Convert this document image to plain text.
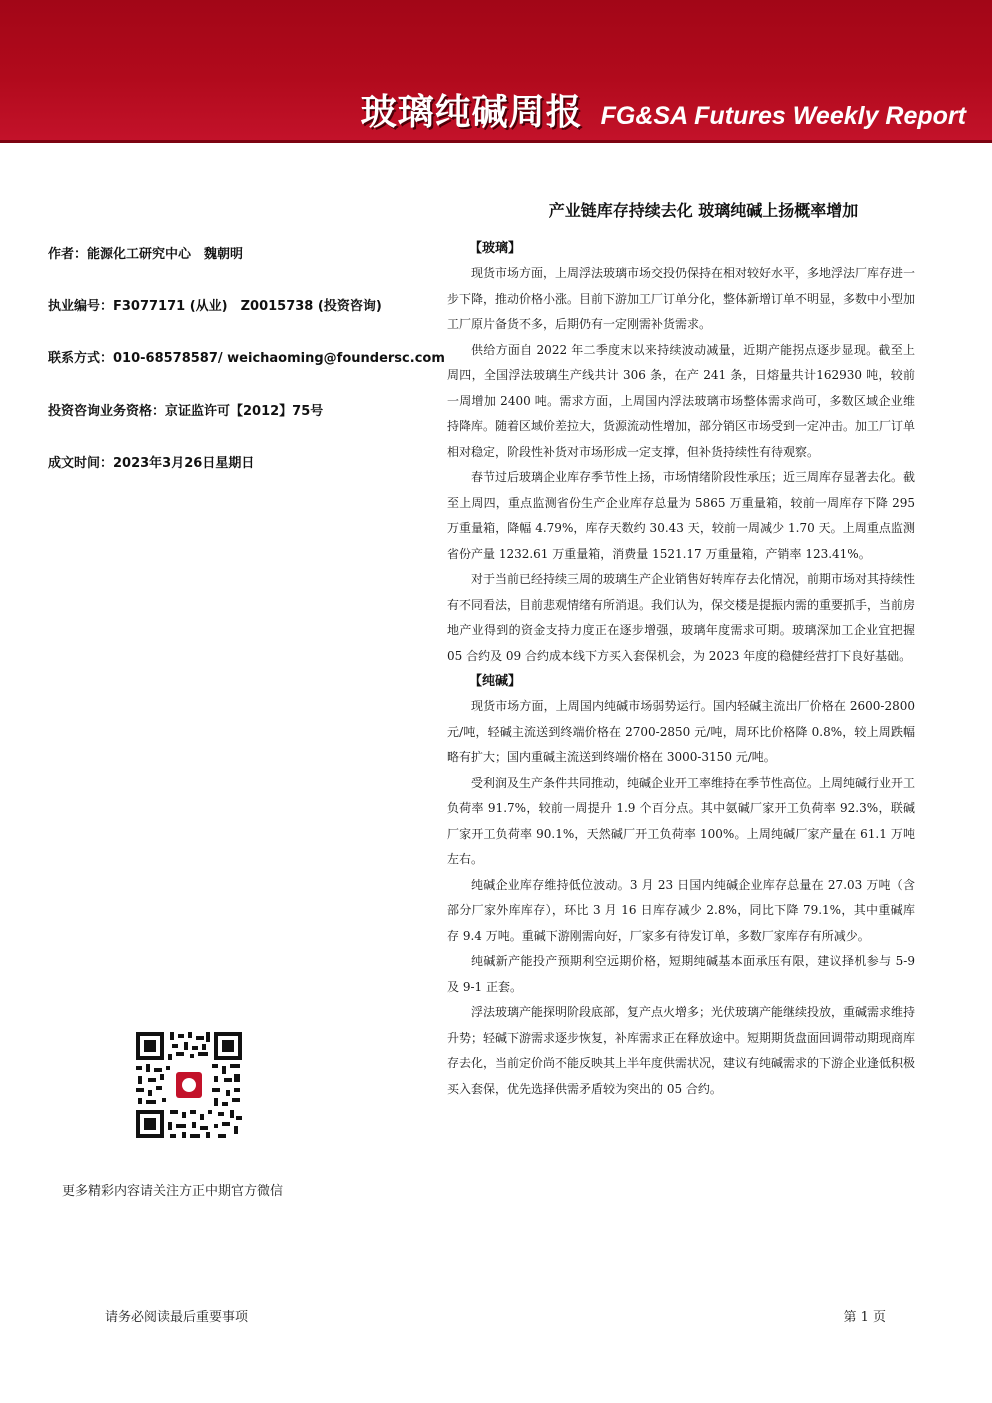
玻璃纯碱周报 FG&SA Futures Weekly Report
产业链库存持续去化 玻璃纯碱上扬概率增加
作者：能源化工研究中心　魏朝明
执业编号：F3077171 (从业)　Z0015738 (投资咨询)
联系方式：010-68578587/ weichaoming@foundersc.com
投资咨询业务资格：京证监许可【2012】75号
成文时间：2023年3月26日星期日
【玻璃】

现货市场方面，上周浮法玻璃市场交投仍保持在相对较好水平，多地浮法厂库存进一步下降，推动价格小涨。目前下游加工厂订单分化，整体新增订单不明显，多数中小型加工厂原片备货不多，后期仍有一定刚需补货需求。

供给方面自 2022 年二季度末以来持续波动减量，近期产能拐点逐步显现。截至上周四，全国浮法玻璃生产线共计 306 条，在产 241 条，日熔量共计162930 吨，较前一周增加 2400 吨。需求方面，上周国内浮法玻璃市场整体需求尚可，多数区域企业维持降库。随着区域价差拉大，货源流动性增加，部分销区市场受到一定冲击。加工厂订单相对稳定，阶段性补货对市场形成一定支撑，但补货持续性有待观察。

春节过后玻璃企业库存季节性上扬，市场情绪阶段性承压；近三周库存显著去化。截至上周四，重点监测省份生产企业库存总量为 5865 万重量箱，较前一周库存下降 295 万重量箱，降幅 4.79%，库存天数约 30.43 天，较前一周减少 1.70 天。上周重点监测省份产量 1232.61 万重量箱，消费量 1521.17 万重量箱，产销率 123.41%。

对于当前已经持续三周的玻璃生产企业销售好转库存去化情况，前期市场对其持续性有不同看法，目前悲观情绪有所消退。我们认为，保交楼是提振内需的重要抓手，当前房地产业得到的资金支持力度正在逐步增强，玻璃年度需求可期。玻璃深加工企业宜把握 05 合约及 09 合约成本线下方买入套保机会，为 2023 年度的稳健经营打下良好基础。

【纯碱】

现货市场方面，上周国内纯碱市场弱势运行。国内轻碱主流出厂价格在 2600-2800 元/吨，轻碱主流送到终端价格在 2700-2850 元/吨，周环比价格降 0.8%，较上周跌幅略有扩大；国内重碱主流送到终端价格在 3000-3150 元/吨。

受利润及生产条件共同推动，纯碱企业开工率维持在季节性高位。上周纯碱行业开工负荷率 91.7%，较前一周提升 1.9 个百分点。其中氨碱厂家开工负荷率 92.3%，联碱厂家开工负荷率 90.1%，天然碱厂开工负荷率 100%。上周纯碱厂家产量在 61.1 万吨左右。

纯碱企业库存维持低位波动。3 月 23 日国内纯碱企业库存总量在 27.03 万吨（含部分厂家外库库存），环比 3 月 16 日库存减少 2.8%，同比下降 79.1%，其中重碱库存 9.4 万吨。重碱下游刚需向好，厂家多有待发订单，多数厂家库存有所减少。

纯碱新产能投产预期利空远期价格，短期纯碱基本面承压有限，建议择机参与 5-9 及 9-1 正套。

浮法玻璃产能探明阶段底部，复产点火增多；光伏玻璃产能继续投放，重碱需求维持升势；轻碱下游需求逐步恢复，补库需求正在释放途中。短期期货盘面回调带动期现商库存去化，当前定价尚不能反映其上半年度供需状况，建议有纯碱需求的下游企业逢低积极买入套保，优先选择供需矛盾较为突出的 05 合约。

更多精彩内容请关注方正中期官方微信
请务必阅读最后重要事项	第 1 页
